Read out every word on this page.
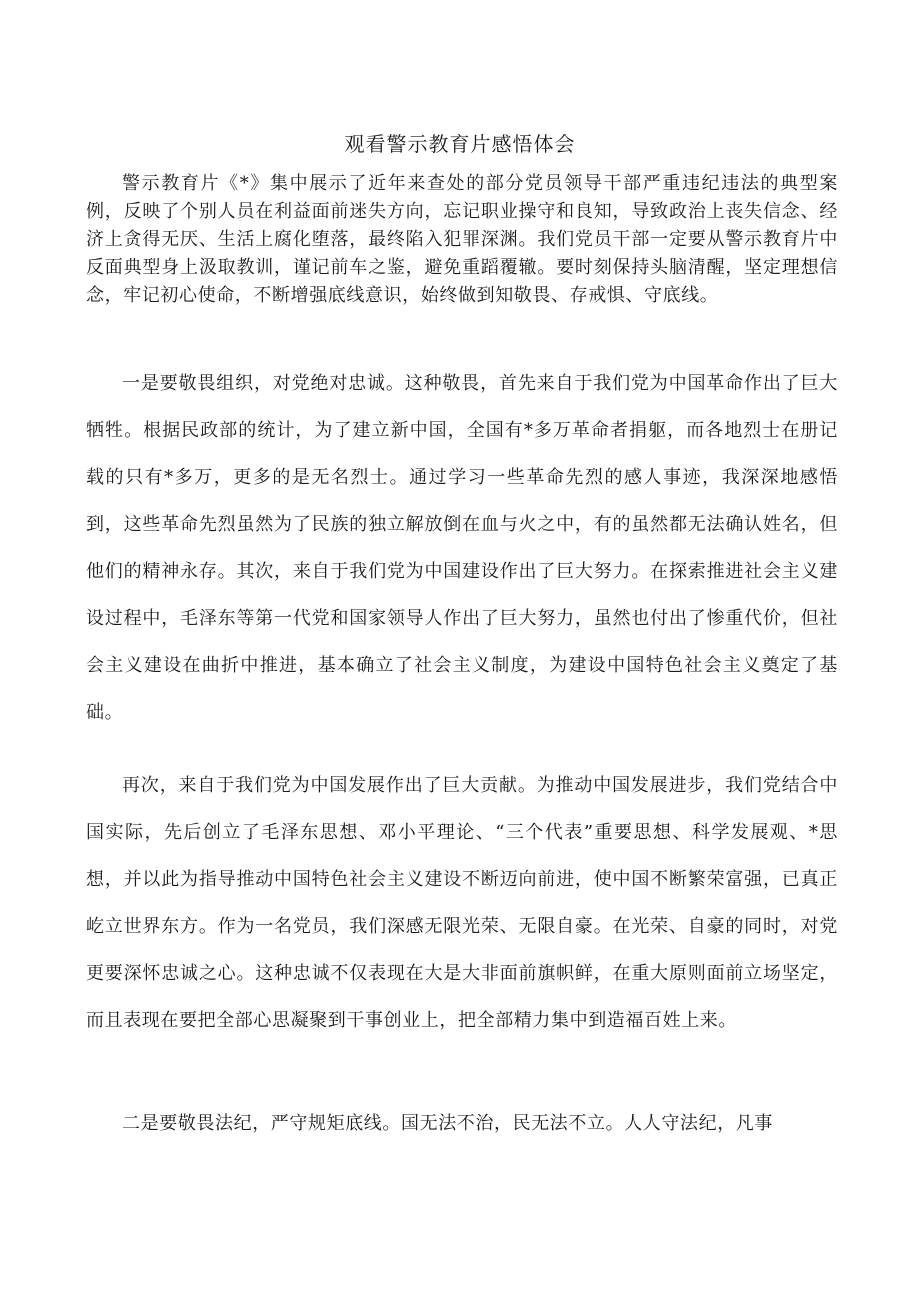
观看警示教育片感悟体会

警示教育片《*》集中展示了近年来查处的部分党员领导干部严重违纪违法的典型案例，反映了个别人员在利益面前迷失方向，忘记职业操守和良知，导致政治上丧失信念、经济上贪得无厌、生活上腐化堕落，最终陷入犯罪深渊。我们党员干部一定要从警示教育片中反面典型身上汲取教训，谨记前车之鉴，避免重蹈覆辙。要时刻保持头脑清醒，坚定理想信念，牢记初心使命，不断增强底线意识，始终做到知敬畏、存戒惧、守底线。

一是要敬畏组织，对党绝对忠诚。这种敬畏，首先来自于我们党为中国革命作出了巨大牺牲。根据民政部的统计，为了建立新中国，全国有*多万革命者捐躯，而各地烈士在册记载的只有*多万，更多的是无名烈士。通过学习一些革命先烈的感人事迹，我深深地感悟到，这些革命先烈虽然为了民族的独立解放倒在血与火之中，有的虽然都无法确认姓名，但他们的精神永存。其次，来自于我们党为中国建设作出了巨大努力。在探索推进社会主义建设过程中，毛泽东等第一代党和国家领导人作出了巨大努力，虽然也付出了惨重代价，但社会主义建设在曲折中推进，基本确立了社会主义制度，为建设中国特色社会主义奠定了基础。

再次，来自于我们党为中国发展作出了巨大贡献。为推动中国发展进步，我们党结合中国实际，先后创立了毛泽东思想、邓小平理论、“三个代表”重要思想、科学发展观、*思想，并以此为指导推动中国特色社会主义建设不断迈向前进，使中国不断繁荣富强，已真正屹立世界东方。作为一名党员，我们深感无限光荣、无限自豪。在光荣、自豪的同时，对党更要深怀忠诚之心。这种忠诚不仅表现在大是大非面前旗帜鲜，在重大原则面前立场坚定，而且表现在要把全部心思凝聚到干事创业上，把全部精力集中到造福百姓上来。

二是要敬畏法纪，严守规矩底线。国无法不治，民无法不立。人人守法纪，凡事
